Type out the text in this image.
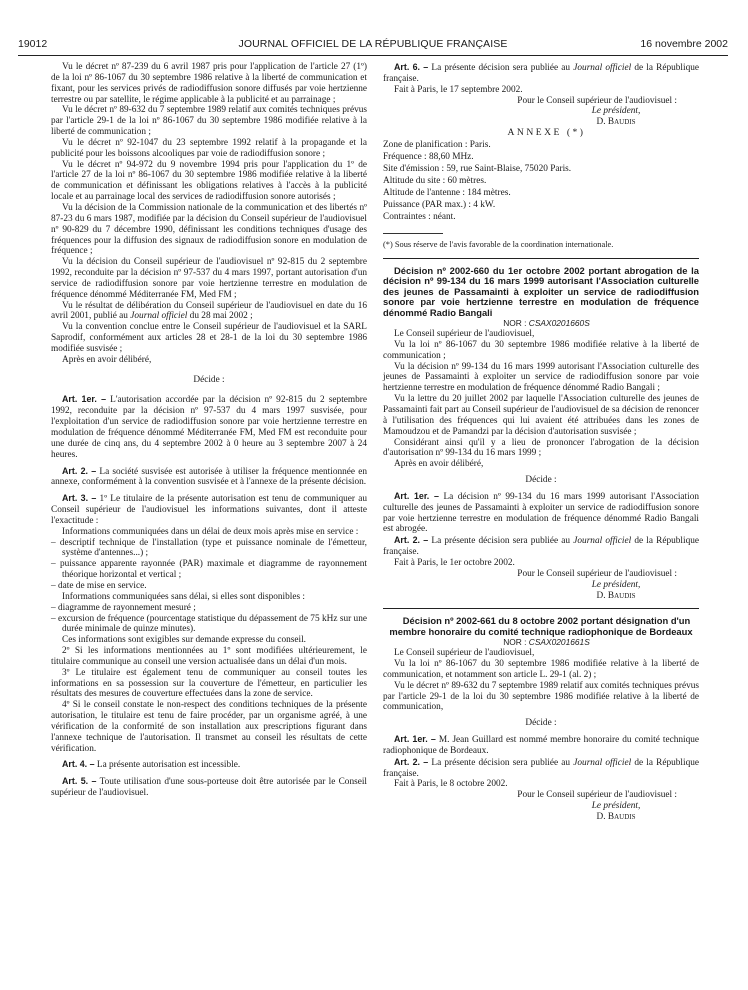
19012	JOURNAL OFFICIEL DE LA RÉPUBLIQUE FRANÇAISE	16 novembre 2002

Vu le décret nº 87-239 du 6 avril 1987 pris pour l'application de l'article 27 (1º) de la loi nº 86-1067 du 30 septembre 1986 relative à la liberté de communication et fixant, pour les services privés de radiodiffusion sonore diffusés par voie hertzienne terrestre ou par satellite, le régime applicable à la publicité et au parrainage ;

Vu le décret nº 89-632 du 7 septembre 1989 relatif aux comités techniques prévus par l'article 29-1 de la loi nº 86-1067 du 30 septembre 1986 modifiée relative à la liberté de communication ;

Vu le décret nº 92-1047 du 23 septembre 1992 relatif à la propagande et la publicité pour les boissons alcooliques par voie de radiodiffusion sonore ;

Vu le décret nº 94-972 du 9 novembre 1994 pris pour l'application du 1º de l'article 27 de la loi nº 86-1067 du 30 septembre 1986 modifiée relative à la liberté de communication et définissant les obligations relatives à l'accès à la publicité locale et au parrainage local des services de radiodiffusion sonore autorisés ;

Vu la décision de la Commission nationale de la communication et des libertés nº 87-23 du 6 mars 1987, modifiée par la décision du Conseil supérieur de l'audiovisuel nº 90-829 du 7 décembre 1990, définissant les conditions techniques d'usage des fréquences pour la diffusion des signaux de radiodiffusion sonore en modulation de fréquence ;

Vu la décision du Conseil supérieur de l'audiovisuel nº 92-815 du 2 septembre 1992, reconduite par la décision nº 97-537 du 4 mars 1997, portant autorisation d'un service de radiodiffusion sonore par voie hertzienne terrestre en modulation de fréquence dénommé Méditerranée FM, Med FM ;

Vu le résultat de délibération du Conseil supérieur de l'audiovisuel en date du 16 avril 2001, publié au Journal officiel du 28 mai 2002 ;

Vu la convention conclue entre le Conseil supérieur de l'audiovisuel et la SARL Saprodif, conformément aux articles 28 et 28-1 de la loi du 30 septembre 1986 modifiée susvisée ;

Après en avoir délibéré,

Décide :

Art. 1er. – L'autorisation accordée par la décision nº 92-815 du 2 septembre 1992, reconduite par la décision nº 97-537 du 4 mars 1997 susvisée, pour l'exploitation d'un service de radiodiffusion sonore par voie hertzienne terrestre en modulation de fréquence dénommé Méditerranée FM, Med FM est reconduite pour une durée de cinq ans, du 4 septembre 2002 à 0 heure au 3 septembre 2007 à 24 heures.

Art. 2. – La société susvisée est autorisée à utiliser la fréquence mentionnée en annexe, conformément à la convention susvisée et à l'annexe de la présente décision.

Art. 3. – 1º Le titulaire de la présente autorisation est tenu de communiquer au Conseil supérieur de l'audiovisuel les informations suivantes, dont il atteste l'exactitude :

Informations communiquées dans un délai de deux mois après mise en service :

– descriptif technique de l'installation (type et puissance nominale de l'émetteur, système d'antennes...) ;
– puissance apparente rayonnée (PAR) maximale et diagramme de rayonnement théorique horizontal et vertical ;
– date de mise en service.

Informations communiquées sans délai, si elles sont disponibles :

– diagramme de rayonnement mesuré ;
– excursion de fréquence (pourcentage statistique du dépassement de 75 kHz sur une durée minimale de quinze minutes).

Ces informations sont exigibles sur demande expresse du conseil.

2º Si les informations mentionnées au 1º sont modifiées ultérieurement, le titulaire communique au conseil une version actualisée dans un délai d'un mois.

3º Le titulaire est également tenu de communiquer au conseil toutes les informations en sa possession sur la couverture de l'émetteur, en particulier les résultats des mesures de couverture effectuées dans la zone de service.

4º Si le conseil constate le non-respect des conditions techniques de la présente autorisation, le titulaire est tenu de faire procéder, par un organisme agréé, à une vérification de la conformité de son installation aux prescriptions figurant dans l'annexe technique de l'autorisation. Il transmet au conseil les résultats de cette vérification.

Art. 4. – La présente autorisation est incessible.

Art. 5. – Toute utilisation d'une sous-porteuse doit être autorisée par le Conseil supérieur de l'audiovisuel.

Art. 6. – La présente décision sera publiée au Journal officiel de la République française.

Fait à Paris, le 17 septembre 2002.

Pour le Conseil supérieur de l'audiovisuel :

Le président,

D. Baudis

ANNEXE (*)

Zone de planification : Paris.

Fréquence : 88,60 MHz.

Site d'émission : 59, rue Saint-Blaise, 75020 Paris.

Altitude du site : 60 mètres.

Altitude de l'antenne : 184 mètres.

Puissance (PAR max.) : 4 kW.

Contraintes : néant.

(*) Sous réserve de l'avis favorable de la coordination internationale.

Décision nº 2002-660 du 1er octobre 2002 portant abrogation de la décision nº 99-134 du 16 mars 1999 autorisant l'Association culturelle des jeunes de Passamainti à exploiter un service de radiodiffusion sonore par voie hertzienne terrestre en modulation de fréquence dénommé Radio Bangali

NOR : CSAX0201660S

Le Conseil supérieur de l'audiovisuel,

Vu la loi nº 86-1067 du 30 septembre 1986 modifiée relative à la liberté de communication ;

Vu la décision nº 99-134 du 16 mars 1999 autorisant l'Association culturelle des jeunes de Passamainti à exploiter un service de radiodiffusion sonore par voie hertzienne terrestre en modulation de fréquence dénommé Radio Bangali ;

Vu la lettre du 20 juillet 2002 par laquelle l'Association culturelle des jeunes de Passamainti fait part au Conseil supérieur de l'audiovisuel de sa décision de renoncer à l'utilisation des fréquences qui lui avaient été attribuées dans les zones de Mamoudzou et de Pamandzi par la décision d'autorisation susvisée ;

Considérant ainsi qu'il y a lieu de prononcer l'abrogation de la décision d'autorisation nº 99-134 du 16 mars 1999 ;

Après en avoir délibéré,

Décide :

Art. 1er. – La décision nº 99-134 du 16 mars 1999 autorisant l'Association culturelle des jeunes de Passamainti à exploiter un service de radiodiffusion sonore par voie hertzienne terrestre en modulation de fréquence dénommé Radio Bangali est abrogée.

Art. 2. – La présente décision sera publiée au Journal officiel de la République française.

Fait à Paris, le 1er octobre 2002.

Pour le Conseil supérieur de l'audiovisuel :

Le président,

D. Baudis

Décision nº 2002-661 du 8 octobre 2002 portant désignation d'un membre honoraire du comité technique radiophonique de Bordeaux

NOR : CSAX0201661S

Le Conseil supérieur de l'audiovisuel,

Vu la loi nº 86-1067 du 30 septembre 1986 modifiée relative à la liberté de communication, et notamment son article L. 29-1 (al. 2) ;

Vu le décret nº 89-632 du 7 septembre 1989 relatif aux comités techniques prévus par l'article 29-1 de la loi du 30 septembre 1986 modifiée relative à la liberté de communication,

Décide :

Art. 1er. – M. Jean Guillard est nommé membre honoraire du comité technique radiophonique de Bordeaux.

Art. 2. – La présente décision sera publiée au Journal officiel de la République française.

Fait à Paris, le 8 octobre 2002.

Pour le Conseil supérieur de l'audiovisuel :

Le président,

D. Baudis
